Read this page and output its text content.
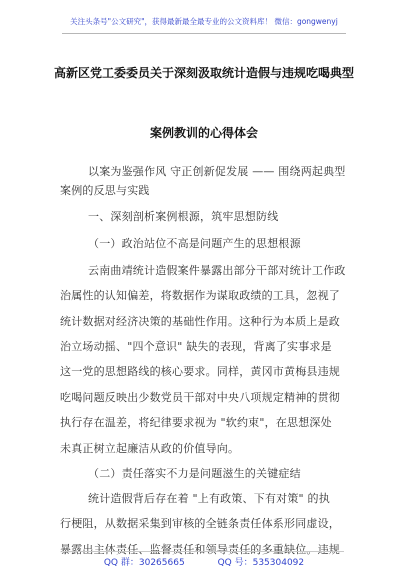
关注头条号"公文研究"，获得最新最全最专业的公文资料库！ 微信：gongwenyj
高新区党工委委员关于深刻汲取统计造假与违规吃喝典型
案例教训的心得体会
以案为鉴强作风 守正创新促发展 —— 围绕两起典型
案例的反思与实践
一、深刻剖析案例根源，筑牢思想防线
（一）政治站位不高是问题产生的思想根源
云南曲靖统计造假案件暴露出部分干部对统计工作政
治属性的认知偏差，将数据作为谋取政绩的工具，忽视了
统计数据对经济决策的基础性作用。这种行为本质上是政
治立场动摇、"四个意识" 缺失的表现，背离了实事求是
这一党的思想路线的核心要求。同样，黄冈市黄梅县违规
吃喝问题反映出少数党员干部对中央八项规定精神的贯彻
执行存在温差，将纪律要求视为 "软约束"，在思想深处
未真正树立起廉洁从政的价值导向。
（二）责任落实不力是问题滋生的关键症结
统计造假背后存在着 "上有政策、下有对策" 的执
行梗阻，从数据采集到审核的全链条责任体系形同虚设，
暴露出主体责任、监督责任和领导责任的多重缺位。违规
QQ 群：30265665	QQ 号：535304092
